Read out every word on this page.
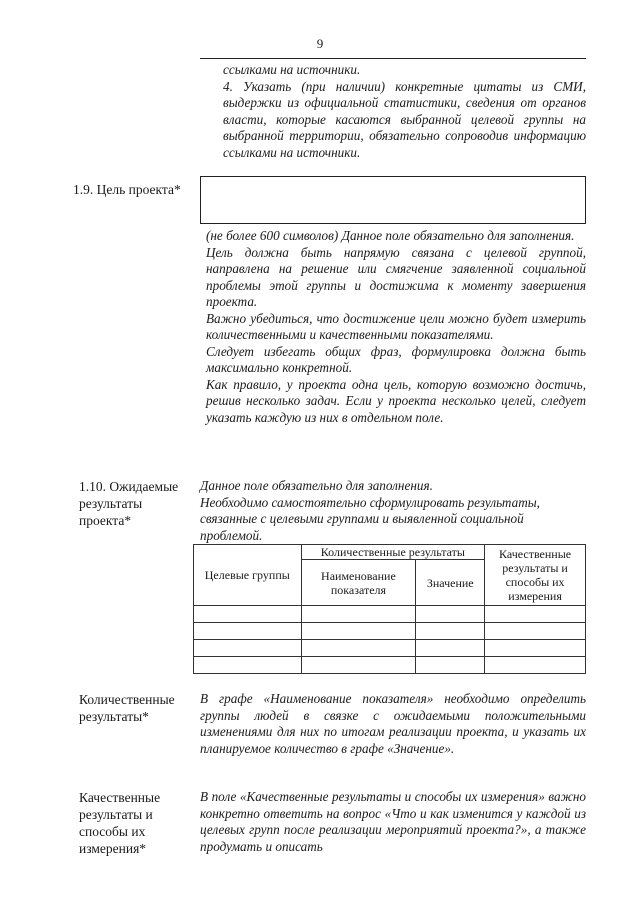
9

ссылками на источники.

4. Указать (при наличии) конкретные цитаты из СМИ, выдержки из официальной статистики, сведения от органов власти, которые касаются выбранной целевой группы на выбранной территории, обязательно сопроводив информацию ссылками на источники.

1.9. Цель проекта*

(не более 600 символов) Данное поле обязательно для заполнения.

Цель должна быть напрямую связана с целевой группой, направлена на решение или смягчение заявленной социальной проблемы этой группы и достижима к моменту завершения проекта.

Важно убедиться, что достижение цели можно будет измерить количественными и качественными показателями.

Следует избегать общих фраз, формулировка должна быть максимально конкретной.

Как правило, у проекта одна цель, которую возможно достичь, решив несколько задач. Если у проекта несколько целей, следует указать каждую из них в отдельном поле.

1.10. Ожидаемые результаты проекта*

Данное поле обязательно для заполнения.

Необходимо самостоятельно сформулировать результаты, связанные с целевыми группами и выявленной социальной проблемой.

Целевые группы	Количественные результаты		Качественные результаты и способы их измерения
	Наименование показателя	Значение	

Количественные результаты*
В графе «Наименование показателя» необходимо определить группы людей в связке с ожидаемыми положительными изменениями для них по итогам реализации проекта, и указать их планируемое количество в графе «Значение».
Качественные результаты и способы их измерения*
В поле «Качественные результаты и способы их измерения» важно конкретно ответить на вопрос «Что и как изменится у каждой из целевых групп после реализации мероприятий проекта?», а также продумать и описать
